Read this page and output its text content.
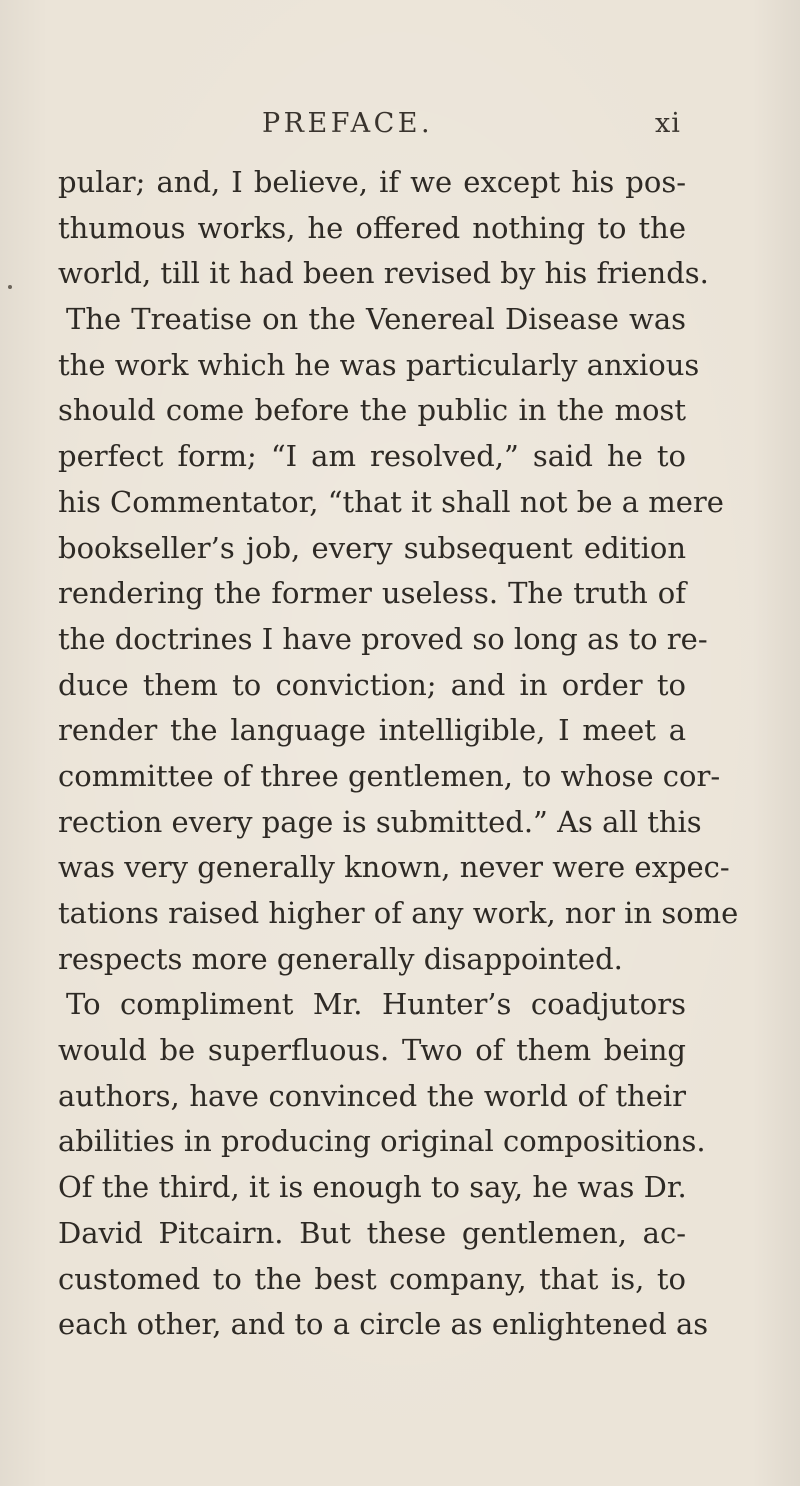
PREFACE.	xi
pular; and, I believe, if we except his pos-
thumous works, he offered nothing to the
world, till it had been revised by his friends.
The Treatise on the Venereal Disease was
the work which he was particularly anxious
should come before the public in the most
perfect form; “I am resolved,” said he to
his Commentator, “that it shall not be a mere
bookseller’s job, every subsequent edition
rendering the former useless. The truth of
the doctrines I have proved so long as to re-
duce them to conviction; and in order to
render the language intelligible, I meet a
committee of three gentlemen, to whose cor-
rection every page is submitted.” As all this
was very generally known, never were expec-
tations raised higher of any work, nor in some
respects more generally disappointed.
To compliment Mr. Hunter’s coadjutors
would be superfluous. Two of them being
authors, have convinced the world of their
abilities in producing original compositions.
Of the third, it is enough to say, he was Dr.
David Pitcairn. But these gentlemen, ac-
customed to the best company, that is, to
each other, and to a circle as enlightened as
